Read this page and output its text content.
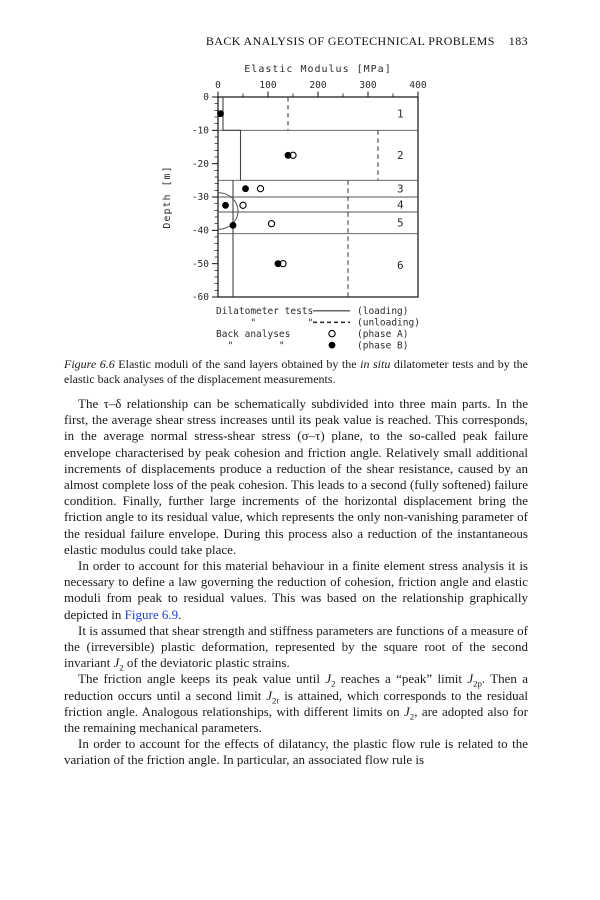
BACK ANALYSIS OF GEOTECHNICAL PROBLEMS 183
Elastic Modulus [MPa]
0	100	200	300	400
0
-10
-20
-30
-40
-50
-60
Depth [m]
1
2
3
4
5
6
Dilatometer tests	(loading)
"         "	(unloading)
Back analyses	(phase A)
"        "	(phase B)

Figure 6.6 Elastic moduli of the sand layers obtained by the in situ dilatometer tests and by the elastic back analyses of the displacement measurements.

The τ–δ relationship can be schematically subdivided into three main parts. In the first, the average shear stress increases until its peak value is reached. This corresponds, in the average normal stress-shear stress (σ–τ) plane, to the so-called peak failure envelope characterised by peak cohesion and friction angle. Relatively small additional increments of displacements produce a reduction of the shear resistance, caused by an almost complete loss of the peak cohesion. This leads to a second (fully softened) failure condition. Finally, further large increments of the horizontal displacement bring the friction angle to its residual value, which represents the only non-vanishing parameter of the residual failure envelope. During this process also a reduction of the instantaneous elastic modulus could take place.

In order to account for this material behaviour in a finite element stress analysis it is necessary to define a law governing the reduction of cohesion, friction angle and elastic moduli from peak to residual values. This was based on the relationship graphically depicted in Figure 6.9.

It is assumed that shear strength and stiffness parameters are functions of a measure of the (irreversible) plastic deformation, represented by the square root of the second invariant $J_2$ of the deviatoric plastic strains.

The friction angle keeps its peak value until $J_2$ reaches a “peak” limit $J_{2p}$. Then a reduction occurs until a second limit $J_{2r}$ is attained, which corresponds to the residual friction angle. Analogous relationships, with different limits on $J_2$, are adopted also for the remaining mechanical parameters.

In order to account for the effects of dilatancy, the plastic flow rule is related to the variation of the friction angle. In particular, an associated flow rule is
